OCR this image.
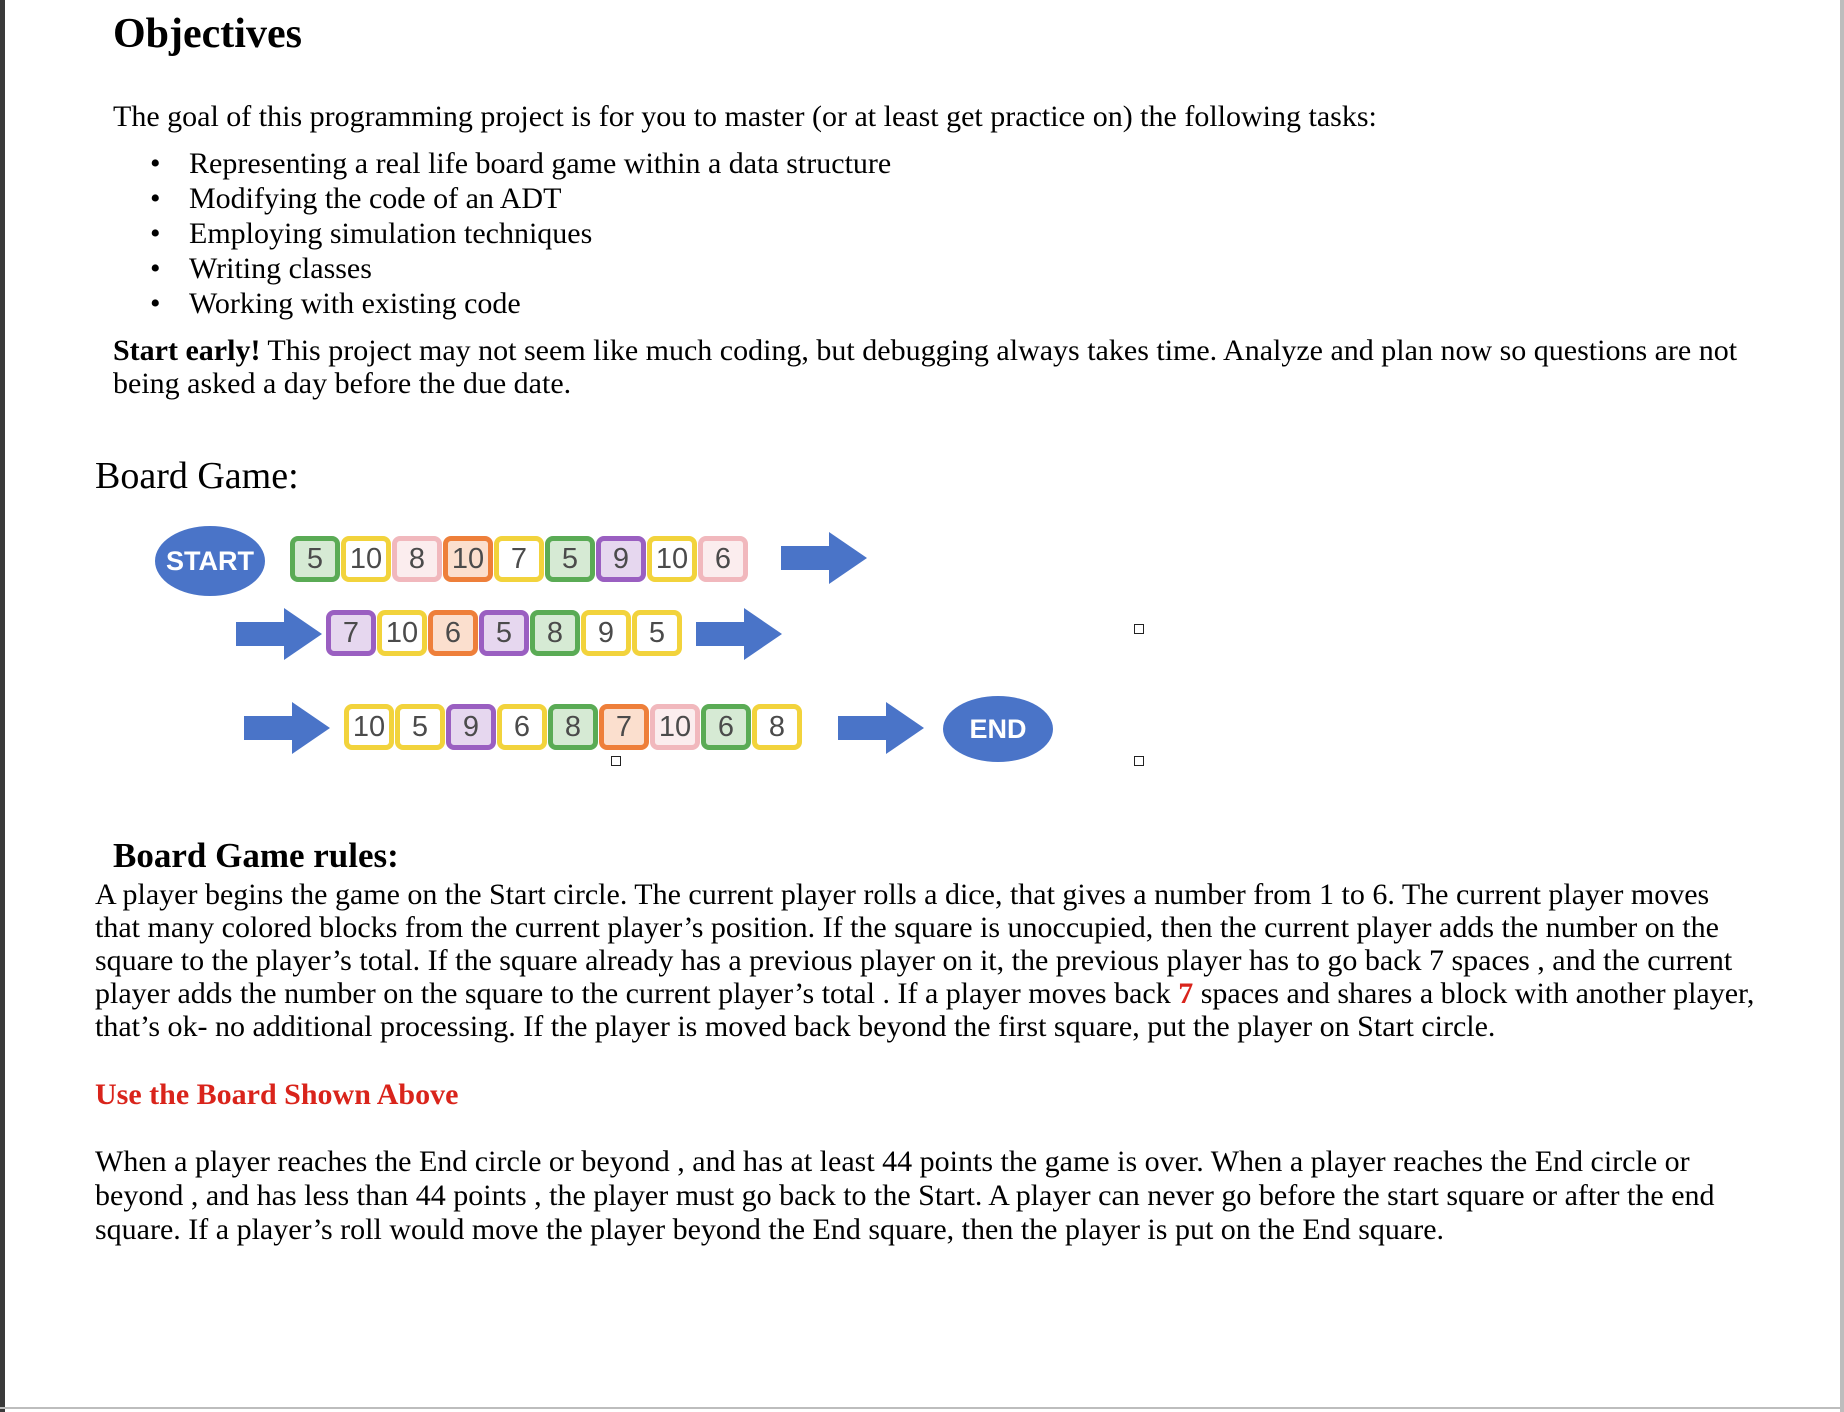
Objectives

The goal of this programming project is for you to master (or at least get practice on) the following tasks:

• Representing a real life board game within a data structure
• Modifying the code of an ADT
• Employing simulation techniques
• Writing classes
• Working with existing code

Start early! This project may not seem like much coding, but debugging always takes time. Analyze and plan now so questions are not being asked a day before the due date.

Board Game:
START
END
5 10 8 10 7	5	9 10 6
7 10 6	5	8	9	5
10 5	9	6	8	7 10 6	8
Board Game rules:

A player begins the game on the Start circle. The current player rolls a dice, that gives a number from 1 to 6. The current player moves that many colored blocks from the current player’s position. If the square is unoccupied, then the current player adds the number on the square to the player’s total. If the square already has a previous player on it, the previous player has to go back 7 spaces , and the current player adds the number on the square to the current player’s total . If a player moves back 7 spaces and shares a block with another player, that’s ok- no additional processing. If the player is moved back beyond the first square, put the player on Start circle.

Use the Board Shown Above

When a player reaches the End circle or beyond , and has at least 44 points the game is over. When a player reaches the End circle or beyond , and has less than 44 points , the player must go back to the Start. A player can never go before the start square or after the end square. If a player’s roll would move the player beyond the End square, then the player is put on the End square.
